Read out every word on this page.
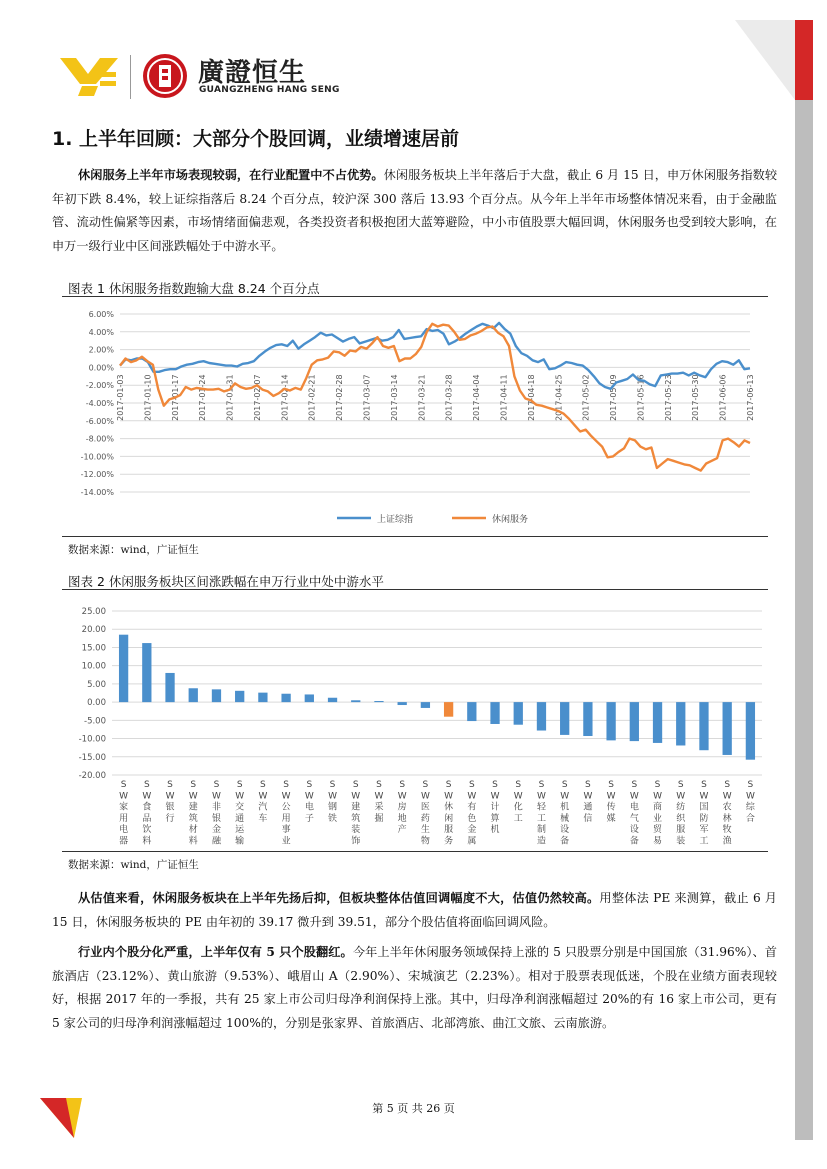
廣證恒生
GUANGZHENG HANG SENG
1. 上半年回顾：大部分个股回调，业绩增速居前
休闲服务上半年市场表现较弱，在行业配置中不占优势。休闲服务板块上半年落后于大盘，截止 6 月 15 日，申万休闲服务指数较年初下跌 8.4%，较上证综指落后 8.24 个百分点，较沪深 300 落后 13.93 个百分点。从今年上半年市场整体情况来看，由于金融监管、流动性偏紧等因素，市场情绪面偏悲观，各类投资者积极抱团大蓝筹避险，中小市值股票大幅回调，休闲服务也受到较大影响，在申万一级行业中区间涨跌幅处于中游水平。
图表 1 休闲服务指数跑输大盘 8.24 个百分点
6.00%
4.00%
2.00%
0.00%
-2.00%
-4.00%
-6.00%
-8.00%
-10.00%
-12.00%
-14.00%
2017-01-03 2017-01-10 2017-01-17 2017-01-24 2017-01-31 2017-02-07 2017-02-14 2017-02-21 2017-02-28 2017-03-07 2017-03-14 2017-03-21 2017-03-28 2017-04-04 2017-04-11 2017-04-18 2017-04-25 2017-05-02 2017-05-09 2017-05-16 2017-05-23 2017-05-30 2017-06-06 2017-06-13
上证综指	休闲服务
数据来源：wind，广证恒生
图表 2 休闲服务板块区间涨跌幅在申万行业中处中游水平
25.00
20.00
15.00
10.00
5.00
0.00
-5.00
-10.00
-15.00
-20.00
S W 家用电器
S W 食品饮料
S W 银行
S W 建筑材料
S W 非银金融
S W 交通运输
S W 汽车
S W 公用事业
S W 电子
S W 钢铁
S W 建筑装饰
S W 采掘
S W 房地产
S W 医药生物
S W 休闲服务
S W 有色金属
S W 计算机
S W 化工
S W 轻工制造
S W 机械设备
S W 通信
S W 传媒
S W 电气设备
S W 商业贸易
S W 纺织服装
S W 国防军工
S W 农林牧渔
S W 综合
数据来源：wind，广证恒生
从估值来看，休闲服务板块在上半年先扬后抑，但板块整体估值回调幅度不大，估值仍然较高。用整体法 PE 来测算，截止 6 月 15 日，休闲服务板块的 PE 由年初的 39.17 微升到 39.51，部分个股估值将面临回调风险。
行业内个股分化严重，上半年仅有 5 只个股翻红。今年上半年休闲服务领域保持上涨的 5 只股票分别是中国国旅（31.96%）、首旅酒店（23.12%）、黄山旅游（9.53%）、峨眉山 A（2.90%）、宋城演艺（2.23%）。相对于股票表现低迷，个股在业绩方面表现较好，根据 2017 年的一季报，共有 25 家上市公司归母净利润保持上涨。其中，归母净利润涨幅超过 20%的有 16 家上市公司，更有 5 家公司的归母净利润涨幅超过 100%的，分别是张家界、首旅酒店、北部湾旅、曲江文旅、云南旅游。
第 5 页 共 26 页
